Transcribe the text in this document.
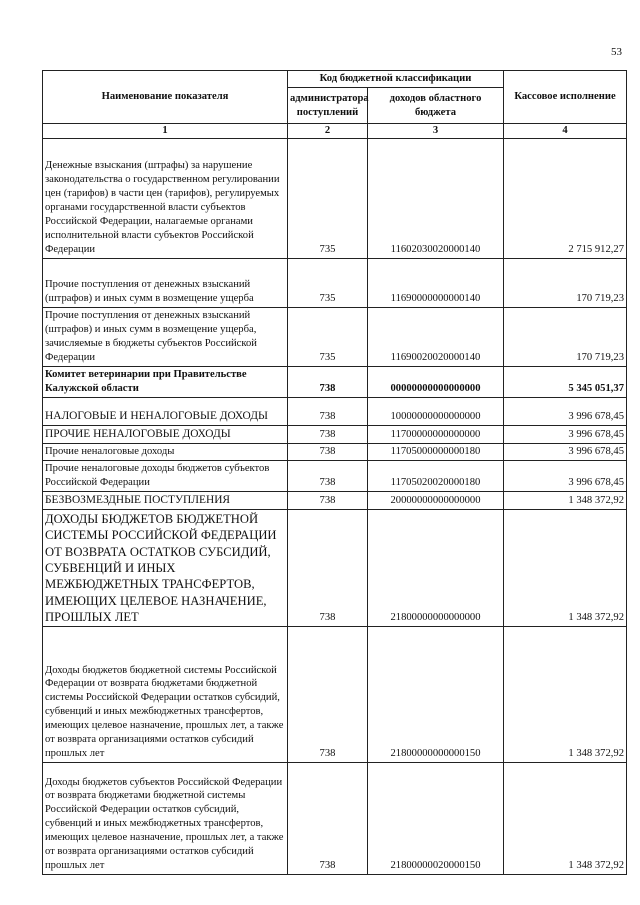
53
Наименование показателя	Код бюджетной классификации		Кассовое исполнение
	администратора поступлений	доходов областного бюджета	
1	2	3	4
Денежные взыскания (штрафы) за нарушение законодательства о государственном регулировании цен (тарифов) в части цен (тарифов), регулируемых органами государственной власти субъектов Российской Федерации, налагаемые органами исполнительной власти субъектов Российской Федерации	735	11602030020000140	2 715 912,27
Прочие поступления от денежных взысканий (штрафов) и иных сумм в возмещение ущерба	735	11690000000000140	170 719,23
Прочие поступления от денежных взысканий (штрафов) и иных сумм в возмещение ущерба, зачисляемые в бюджеты субъектов Российской Федерации	735	11690020020000140	170 719,23
Комитет ветеринарии при Правительстве Калужской области	738	00000000000000000	5 345 051,37
НАЛОГОВЫЕ И НЕНАЛОГОВЫЕ ДОХОДЫ	738	10000000000000000	3 996 678,45
ПРОЧИЕ НЕНАЛОГОВЫЕ ДОХОДЫ	738	11700000000000000	3 996 678,45
Прочие неналоговые доходы	738	11705000000000180	3 996 678,45
Прочие неналоговые доходы бюджетов субъектов Российской Федерации	738	11705020020000180	3 996 678,45
БЕЗВОЗМЕЗДНЫЕ ПОСТУПЛЕНИЯ	738	20000000000000000	1 348 372,92
ДОХОДЫ БЮДЖЕТОВ БЮДЖЕТНОЙ СИСТЕМЫ РОССИЙСКОЙ ФЕДЕРАЦИИ ОТ ВОЗВРАТА ОСТАТКОВ СУБСИДИЙ, СУБВЕНЦИЙ И ИНЫХ МЕЖБЮДЖЕТНЫХ ТРАНСФЕРТОВ, ИМЕЮЩИХ ЦЕЛЕВОЕ НАЗНАЧЕНИЕ, ПРОШЛЫХ ЛЕТ	738	21800000000000000	1 348 372,92
Доходы бюджетов бюджетной системы Российской Федерации от возврата бюджетами бюджетной системы Российской Федерации остатков субсидий, субвенций и иных межбюджетных трансфертов, имеющих целевое назначение, прошлых лет, а также от возврата организациями остатков субсидий прошлых лет	738	21800000000000150	1 348 372,92
Доходы бюджетов субъектов Российской Федерации от возврата бюджетами бюджетной системы Российской Федерации остатков субсидий, субвенций и иных межбюджетных трансфертов, имеющих целевое назначение, прошлых лет, а также от возврата организациями остатков субсидий прошлых лет	738	21800000020000150	1 348 372,92
